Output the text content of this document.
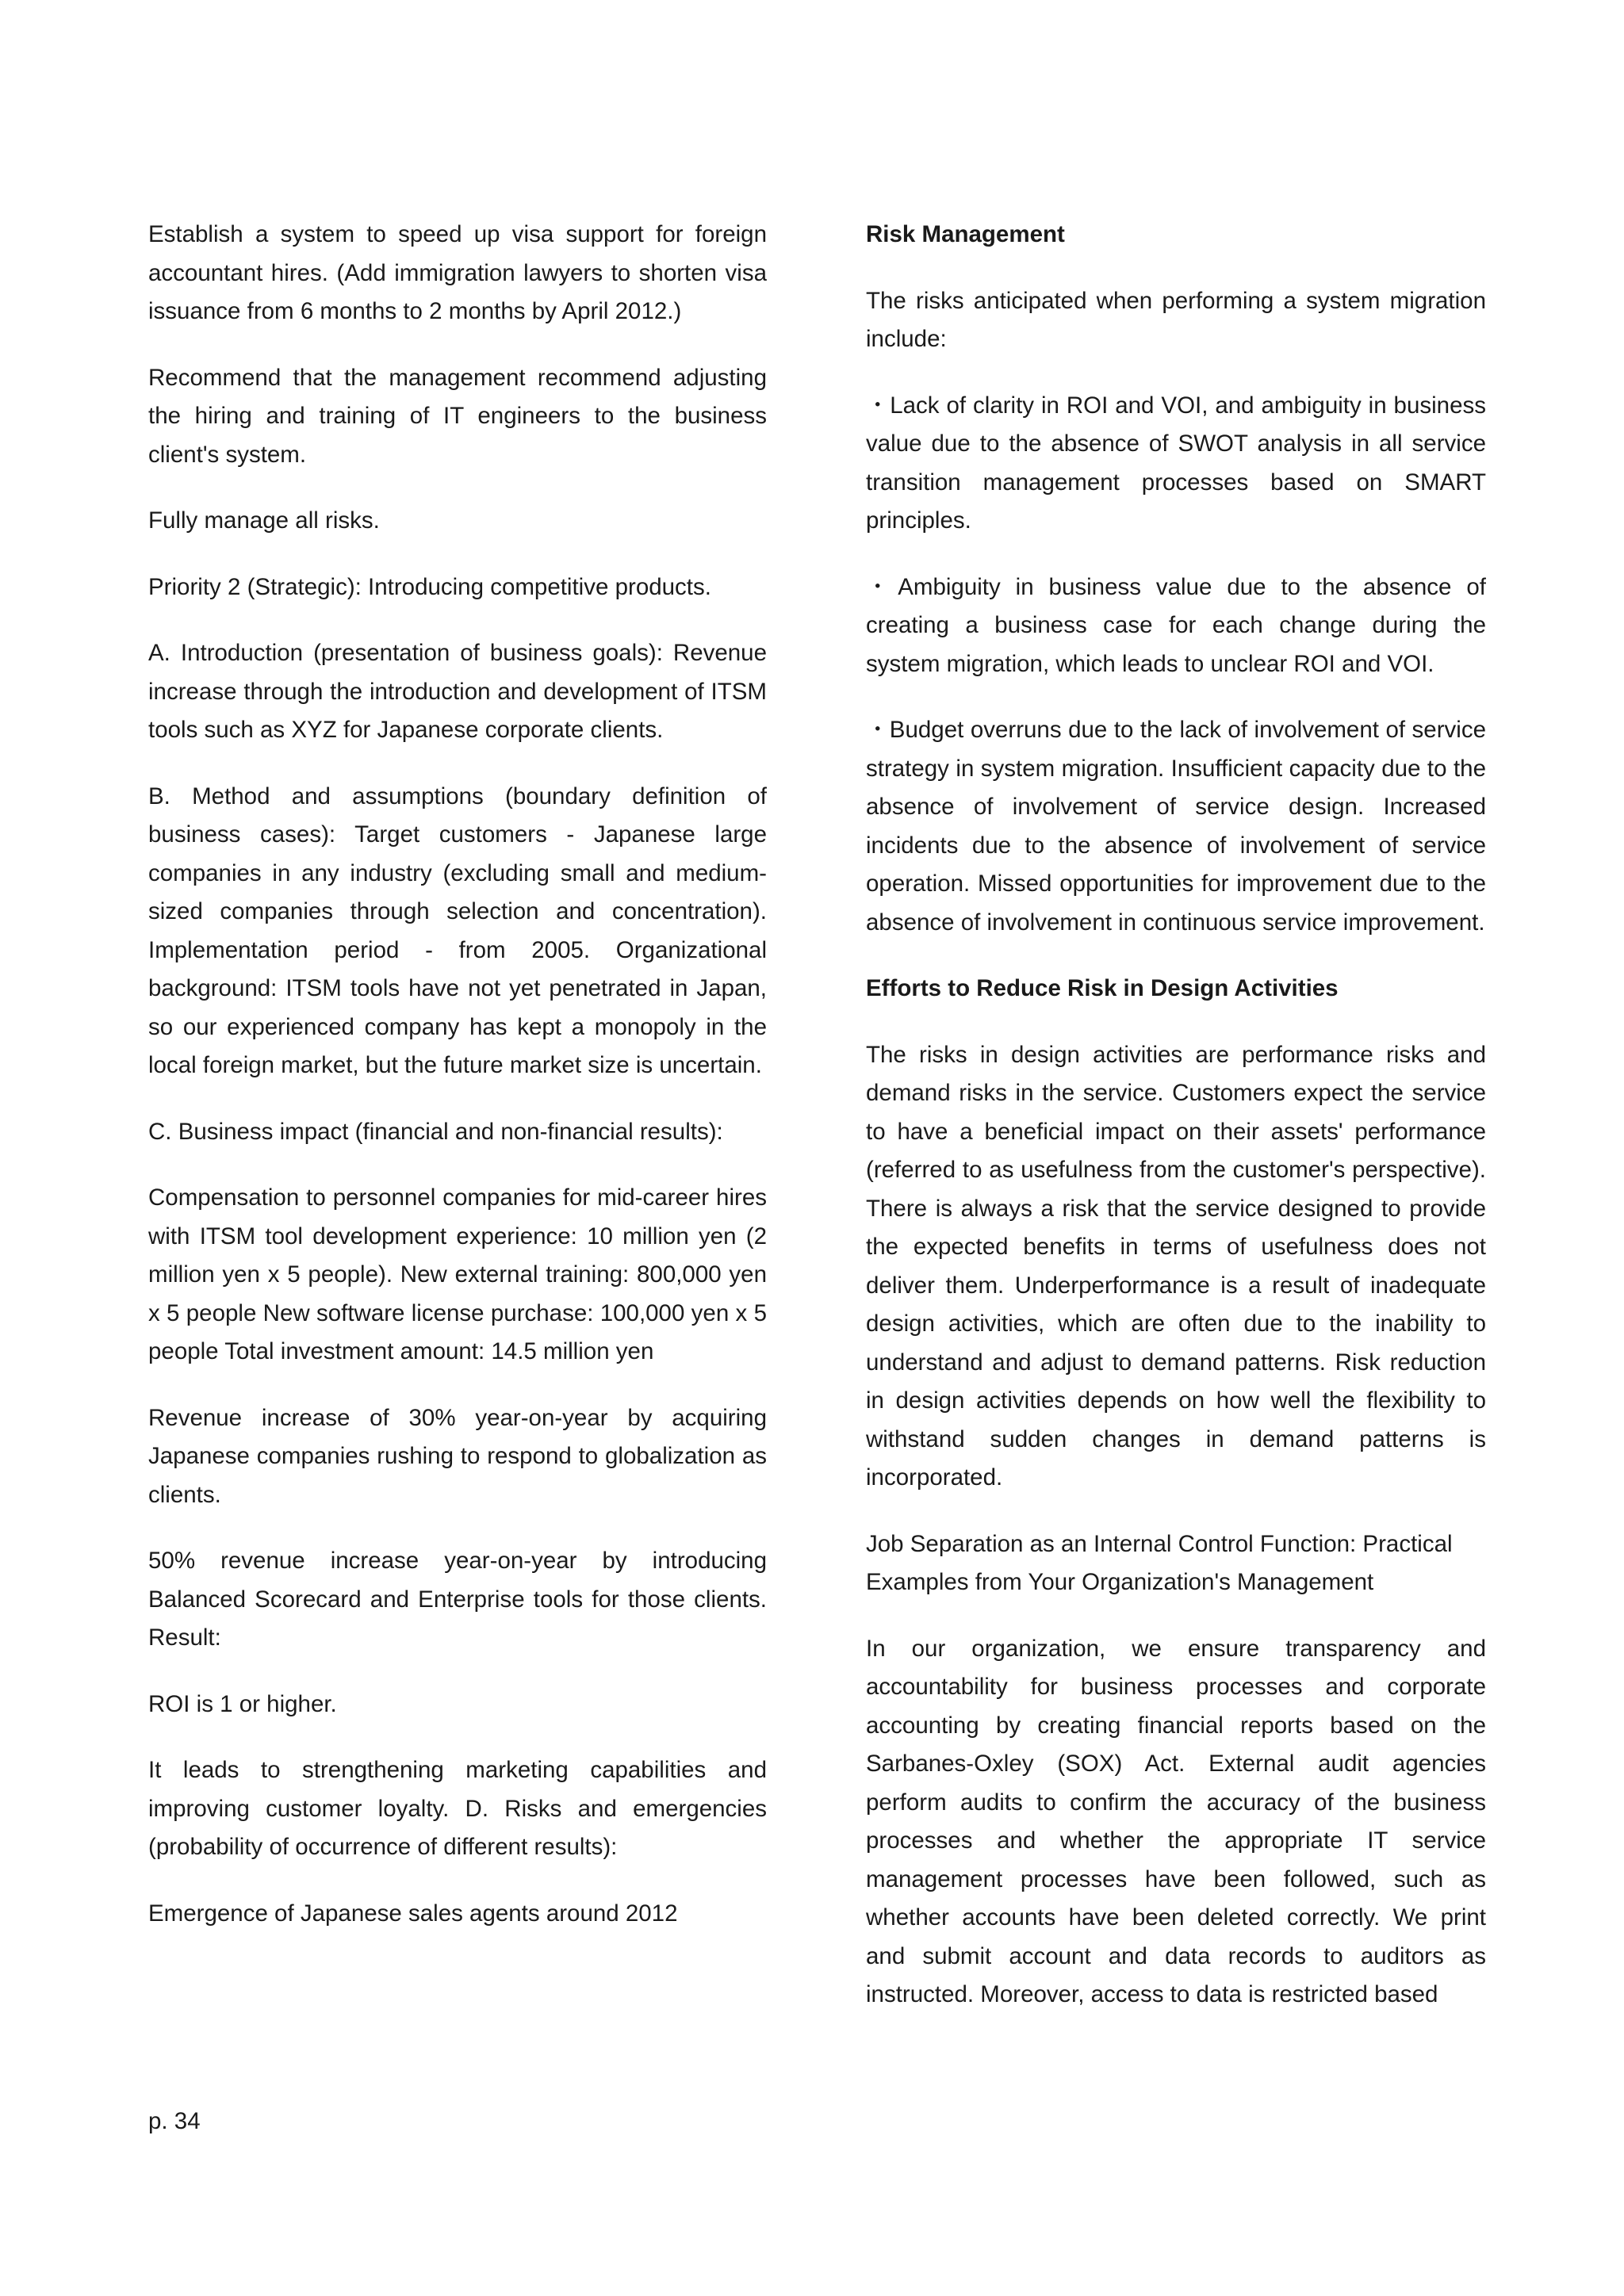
Establish a system to speed up visa support for foreign accountant hires. (Add immigration lawyers to shorten visa issuance from 6 months to 2 months by April 2012.)

Recommend that the management recommend adjusting the hiring and training of IT engineers to the business client's system.

Fully manage all risks.

Priority 2 (Strategic): Introducing competitive products.

A. Introduction (presentation of business goals): Revenue increase through the introduction and development of ITSM tools such as XYZ for Japanese corporate clients.

B. Method and assumptions (boundary definition of business cases): Target customers - Japanese large companies in any industry (excluding small and medium-sized companies through selection and concentration). Implementation period - from 2005. Organizational background: ITSM tools have not yet penetrated in Japan, so our experienced company has kept a monopoly in the local foreign market, but the future market size is uncertain.

C. Business impact (financial and non-financial results):

Compensation to personnel companies for mid-career hires with ITSM tool development experience: 10 million yen (2 million yen x 5 people). New external training: 800,000 yen x 5 people New software license purchase: 100,000 yen x 5 people Total investment amount: 14.5 million yen

Revenue increase of 30% year-on-year by acquiring Japanese companies rushing to respond to globalization as clients.

50% revenue increase year-on-year by introducing Balanced Scorecard and Enterprise tools for those clients. Result:

ROI is 1 or higher.

It leads to strengthening marketing capabilities and improving customer loyalty. D. Risks and emergencies (probability of occurrence of different results):

Emergence of Japanese sales agents around 2012

Risk Management

The risks anticipated when performing a system migration include:

・Lack of clarity in ROI and VOI, and ambiguity in business value due to the absence of SWOT analysis in all service transition management processes based on SMART principles.

・Ambiguity in business value due to the absence of creating a business case for each change during the system migration, which leads to unclear ROI and VOI.

・Budget overruns due to the lack of involvement of service strategy in system migration. Insufficient capacity due to the absence of involvement of service design. Increased incidents due to the absence of involvement of service operation. Missed opportunities for improvement due to the absence of involvement in continuous service improvement.

Efforts to Reduce Risk in Design Activities

The risks in design activities are performance risks and demand risks in the service. Customers expect the service to have a beneficial impact on their assets' performance (referred to as usefulness from the customer's perspective). There is always a risk that the service designed to provide the expected benefits in terms of usefulness does not deliver them. Underperformance is a result of inadequate design activities, which are often due to the inability to understand and adjust to demand patterns. Risk reduction in design activities depends on how well the flexibility to withstand sudden changes in demand patterns is incorporated.

Job Separation as an Internal Control Function: Practical Examples from Your Organization's Management

In our organization, we ensure transparency and accountability for business processes and corporate accounting by creating financial reports based on the Sarbanes-Oxley (SOX) Act. External audit agencies perform audits to confirm the accuracy of the business processes and whether the appropriate IT service management processes have been followed, such as whether accounts have been deleted correctly. We print and submit account and data records to auditors as instructed. Moreover, access to data is restricted based

p. 34
